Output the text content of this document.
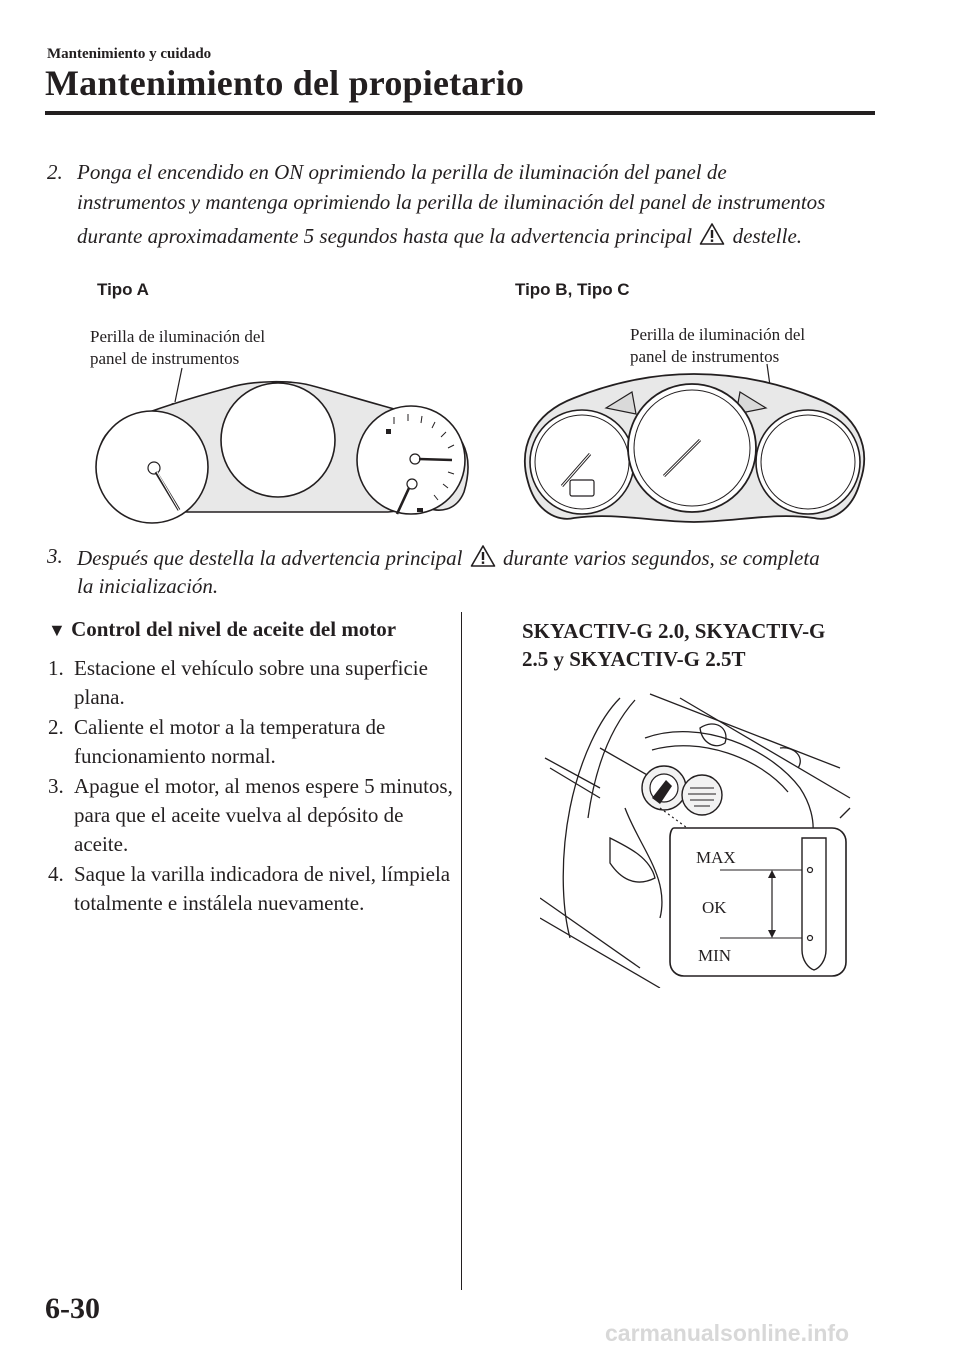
Mantenimiento y cuidado
Mantenimiento del propietario
2. Ponga el encendido en ON oprimiendo la perilla de iluminación del panel de
instrumentos y mantenga oprimiendo la perilla de iluminación del panel de instrumentos
durante aproximadamente 5 segundos hasta que la advertencia principal destelle.
Tipo A
Perilla de iluminación del
panel de instrumentos
Tipo B, Tipo C
Perilla de iluminación del
panel de instrumentos
3. Después que destella la advertencia principal durante varios segundos, se completa
la inicialización.
▼ Control del nivel de aceite del motor
1. Estacione el vehículo sobre una superficie plana.
2. Caliente el motor a la temperatura de funcionamiento normal.
3. Apague el motor, al menos espere 5 minutos, para que el aceite vuelva al depósito de aceite.
4. Saque la varilla indicadora de nivel, límpiela totalmente e instálela nuevamente.
SKYACTIV-G 2.0, SKYACTIV-G
2.5 y SKYACTIV-G 2.5T
MAX
OK
MIN
6-30
carmanualsonline.info
